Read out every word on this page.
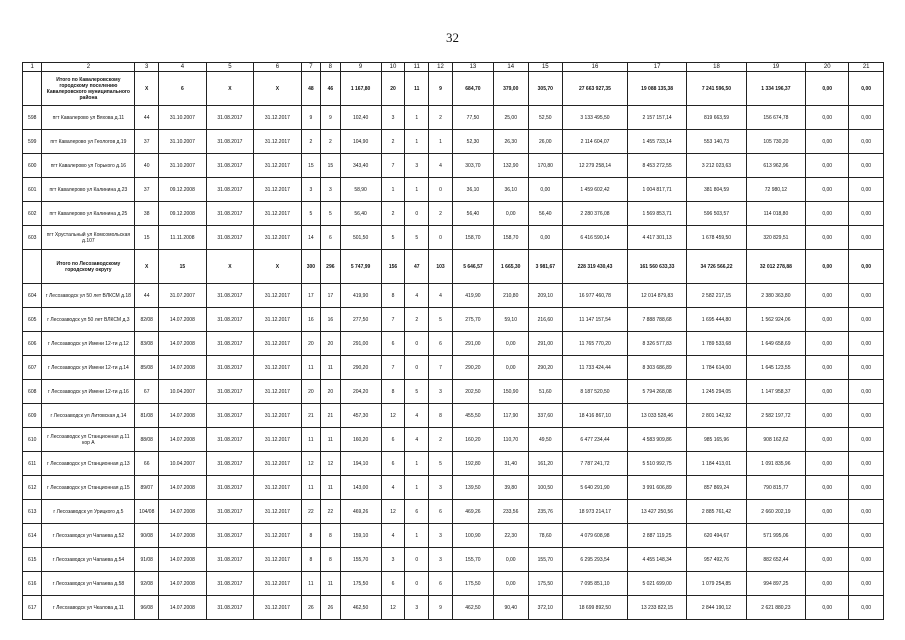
32
1	2	3	4	5	6	7	8	9	10	11	12	13	14	15	16	17	18	19	20	21
	Итого по Кавалеровскому городскому поселению Кавалеровского муниципального района	Х	6	Х	Х	48	46	1 167,80	20	11	9	684,70	379,00	305,70	27 663 927,35	19 088 135,38	7 241 596,50	1 334 196,37	0,00	0,00
598	пгт Кавалерово ул Вяхова д.11	44	31.10.2007	31.08.2017	31.12.2017	9	9	102,40	3	1	2	77,50	25,00	52,50	3 133 495,50	2 157 157,14	819 663,59	156 674,78	0,00	0,00
599	пгт Кавалерово ул Геологов д.19	37	31.10.2007	31.08.2017	31.12.2017	2	2	104,90	2	1	1	52,30	26,30	26,00	2 114 604,07	1 455 733,14	553 140,73	105 730,20	0,00	0,00
600	пгт Кавалерово ул Горького д.16	40	31.10.2007	31.08.2017	31.12.2017	15	15	343,40	7	3	4	303,70	132,90	170,80	12 279 258,14	8 453 272,55	3 212 023,63	613 962,96	0,00	0,00
601	пгт Кавалерово ул Калинина д.23	37	09.12.2008	31.08.2017	31.12.2017	3	3	58,90	1	1	0	36,10	36,10	0,00	1 459 602,42	1 004 817,71	381 804,59	72 980,12	0,00	0,00
602	пгт Кавалерово ул Калинина д.25	38	09.12.2008	31.08.2017	31.12.2017	5	5	56,40	2	0	2	56,40	0,00	56,40	2 280 376,08	1 569 853,71	596 503,57	114 018,80	0,00	0,00
603	пгт Хрустальный ул Комсомольская д.107	15	11.11.2008	31.08.2017	31.12.2017	14	6	501,50	5	5	0	158,70	158,70	0,00	6 416 590,14	4 417 301,13	1 678 459,50	320 829,51	0,00	0,00
	Итого по Лесозаводскому городскому округу	Х	15	Х	Х	300	296	5 747,99	156	47	103	5 646,57	1 665,30	3 981,67	228 319 430,43	161 560 633,33	34 726 566,22	32 012 278,88	0,00	0,00
604	г Лесозаводск ул 50 лет ВЛКСМ д.18	44	31.07.2007	31.08.2017	31.12.2017	17	17	419,90	8	4	4	419,90	210,80	209,10	16 977 460,78	12 014 879,83	2 582 217,15	2 380 363,80	0,00	0,00
605	г Лесозаводск ул 50 лет ВЛКСМ д.3	82/08	14.07.2008	31.08.2017	31.12.2017	16	16	277,50	7	2	5	275,70	59,10	216,60	11 147 157,54	7 888 788,68	1 695 444,80	1 562 924,06	0,00	0,00
606	г Лесозаводск ул Имени 12-ти д.12	83/08	14.07.2008	31.08.2017	31.12.2017	20	20	291,00	6	0	6	291,00	0,00	291,00	11 765 770,20	8 326 577,83	1 789 533,68	1 649 658,69	0,00	0,00
607	г Лесозаводск ул Имени 12-ти д.14	85/08	14.07.2008	31.08.2017	31.12.2017	11	11	290,20	7	0	7	290,20	0,00	290,20	11 733 424,44	8 303 686,89	1 784 614,00	1 645 123,55	0,00	0,00
608	г Лесозаводск ул Имени 12-ти д.16	67	10.04.2007	31.08.2017	31.12.2017	20	20	204,20	8	5	3	202,50	150,90	51,60	8 187 520,50	5 794 268,08	1 245 294,05	1 147 958,37	0,00	0,00
609	г Лесозаводск ул Литовская д.14	81/08	14.07.2008	31.08.2017	31.12.2017	21	21	457,30	12	4	8	455,50	117,90	337,60	18 416 867,10	13 033 528,46	2 801 142,92	2 582 197,72	0,00	0,00
610	г Лесозаводск ул Станционная д.11 кор А	88/08	14.07.2008	31.08.2017	31.12.2017	11	11	160,20	6	4	2	160,20	110,70	49,50	6 477 234,44	4 583 909,86	985 165,96	908 162,62	0,00	0,00
611	г Лесозаводск ул Станционная д.13	66	10.04.2007	31.08.2017	31.12.2017	12	12	194,10	6	1	5	192,80	31,40	161,20	7 787 241,72	5 510 992,75	1 184 413,01	1 091 835,96	0,00	0,00
612	г Лесозаводск ул Станционная д.15	89/07	14.07.2008	31.08.2017	31.12.2017	11	11	143,00	4	1	3	139,50	39,80	100,50	5 640 291,90	3 991 606,89	857 869,24	790 815,77	0,00	0,00
613	г Лесозаводск ул Урицкого д.5	104/08	14.07.2008	31.08.2017	31.12.2017	22	22	469,26	12	6	6	469,26	233,56	235,76	18 973 214,17	13 427 250,56	2 885 761,42	2 660 202,19	0,00	0,00
614	г Лесозаводск ул Чапаева д.52	90/08	14.07.2008	31.08.2017	31.12.2017	8	8	159,10	4	1	3	100,90	22,30	78,60	4 079 608,98	2 887 119,25	620 494,67	571 995,06	0,00	0,00
615	г Лесозаводск ул Чапаева д.54	91/08	14.07.2008	31.08.2017	31.12.2017	8	8	155,70	3	0	3	155,70	0,00	155,70	6 295 293,54	4 455 148,34	957 492,76	882 652,44	0,00	0,00
616	г Лесозаводск ул Чапаева д.58	92/08	14.07.2008	31.08.2017	31.12.2017	11	11	175,50	6	0	6	175,50	0,00	175,50	7 095 851,10	5 021 699,00	1 079 254,85	994 897,25	0,00	0,00
617	г Лесозаводск ул Чкалова д.11	96/08	14.07.2008	31.08.2017	31.12.2017	26	26	462,50	12	3	9	462,50	90,40	372,10	18 699 892,50	13 233 822,15	2 844 190,12	2 621 880,23	0,00	0,00
